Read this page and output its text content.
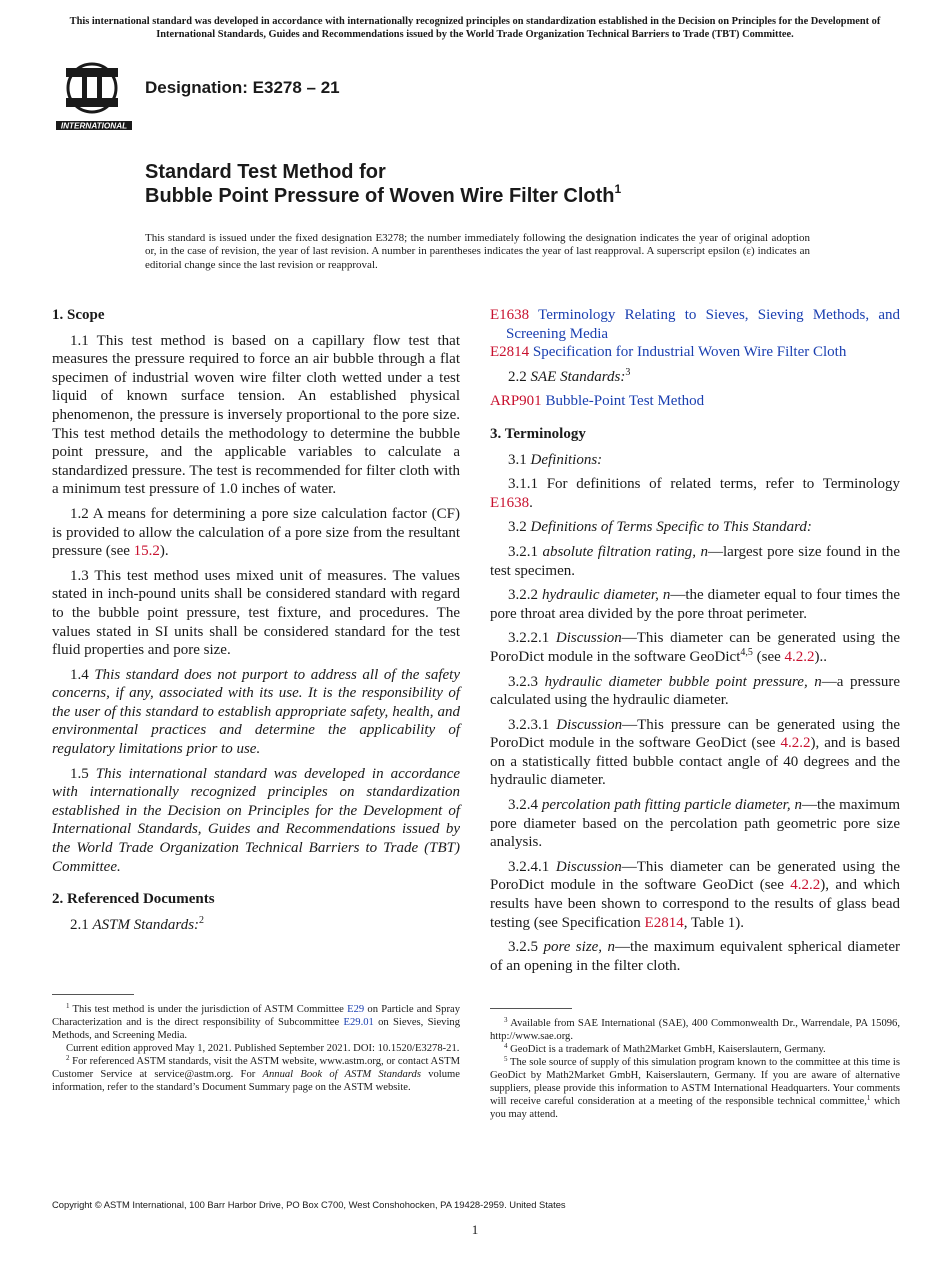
This international standard was developed in accordance with internationally recognized principles on standardization established in the Decision on Principles for the Development of International Standards, Guides and Recommendations issued by the World Trade Organization Technical Barriers to Trade (TBT) Committee.
INTERNATIONAL
Designation: E3278 – 21
Standard Test Method for
Bubble Point Pressure of Woven Wire Filter Cloth$^1$
This standard is issued under the fixed designation E3278; the number immediately following the designation indicates the year of original adoption or, in the case of revision, the year of last revision. A number in parentheses indicates the year of last reapproval. A superscript epsilon (ε) indicates an editorial change since the last revision or reapproval.
1. Scope

1.1 This test method is based on a capillary flow test that measures the pressure required to force an air bubble through a flat specimen of industrial woven wire filter cloth wetted under a test liquid of known surface tension. An established physical phenomenon, the pressure is inversely proportional to the pore size. This test method details the methodology to determine the bubble point pressure, and the applicable variables to calculate a standardized pressure. The test is recommended for filter cloth with a minimum test pressure of 1.0 inches of water.

1.2 A means for determining a pore size calculation factor (CF) is provided to allow the calculation of a pore size from the resultant pressure (see 15.2).

1.3 This test method uses mixed unit of measures. The values stated in inch-pound units shall be considered standard with regard to the bubble point pressure, test fixture, and procedures. The values stated in SI units shall be considered standard for the test fluid properties and pore size.

1.4 This standard does not purport to address all of the safety concerns, if any, associated with its use. It is the responsibility of the user of this standard to establish appropriate safety, health, and environmental practices and determine the applicability of regulatory limitations prior to use.

1.5 This international standard was developed in accordance with internationally recognized principles on standardization established in the Decision on Principles for the Development of International Standards, Guides and Recommendations issued by the World Trade Organization Technical Barriers to Trade (TBT) Committee.

2. Referenced Documents

2.1 ASTM Standards:$^2$

E1638 Terminology Relating to Sieves, Sieving Methods, and Screening Media

E2814 Specification for Industrial Woven Wire Filter Cloth

2.2 SAE Standards:$^3$

ARP901 Bubble-Point Test Method

3. Terminology

3.1 Definitions:

3.1.1 For definitions of related terms, refer to Terminology E1638.

3.2 Definitions of Terms Specific to This Standard:

3.2.1 absolute filtration rating, n—largest pore size found in the test specimen.

3.2.2 hydraulic diameter, n—the diameter equal to four times the pore throat area divided by the pore throat perimeter.

3.2.2.1 Discussion—This diameter can be generated using the PoroDict module in the software GeoDict$^{4,5}$ (see 4.2.2)..

3.2.3 hydraulic diameter bubble point pressure, n—a pressure calculated using the hydraulic diameter.

3.2.3.1 Discussion—This pressure can be generated using the PoroDict module in the software GeoDict (see 4.2.2), and is based on a statistically fitted bubble contact angle of 40 degrees and the hydraulic diameter.

3.2.4 percolation path fitting particle diameter, n—the maximum pore diameter based on the percolation path geometric pore size analysis.

3.2.4.1 Discussion—This diameter can be generated using the PoroDict module in the software GeoDict (see 4.2.2), and which results have been shown to correspond to the results of glass bead testing (see Specification E2814, Table 1).

3.2.5 pore size, n—the maximum equivalent spherical diameter of an opening in the filter cloth.

$^1$ This test method is under the jurisdiction of ASTM Committee E29 on Particle and Spray Characterization and is the direct responsibility of Subcommittee E29.01 on Sieves, Sieving Methods, and Screening Media.

Current edition approved May 1, 2021. Published September 2021. DOI: 10.1520/E3278-21.

$^2$ For referenced ASTM standards, visit the ASTM website, www.astm.org, or contact ASTM Customer Service at service@astm.org. For Annual Book of ASTM Standards volume information, refer to the standard’s Document Summary page on the ASTM website.

$^3$ Available from SAE International (SAE), 400 Commonwealth Dr., Warrendale, PA 15096, http://www.sae.org.

$^4$ GeoDict is a trademark of Math2Market GmbH, Kaiserslautern, Germany.

$^5$ The sole source of supply of this simulation program known to the committee at this time is GeoDict by Math2Market GmbH, Kaiserslautern, Germany. If you are aware of alternative suppliers, please provide this information to ASTM International Headquarters. Your comments will receive careful consideration at a meeting of the responsible technical committee,$^1$ which you may attend.

Copyright © ASTM International, 100 Barr Harbor Drive, PO Box C700, West Conshohocken, PA 19428-2959. United States
1
